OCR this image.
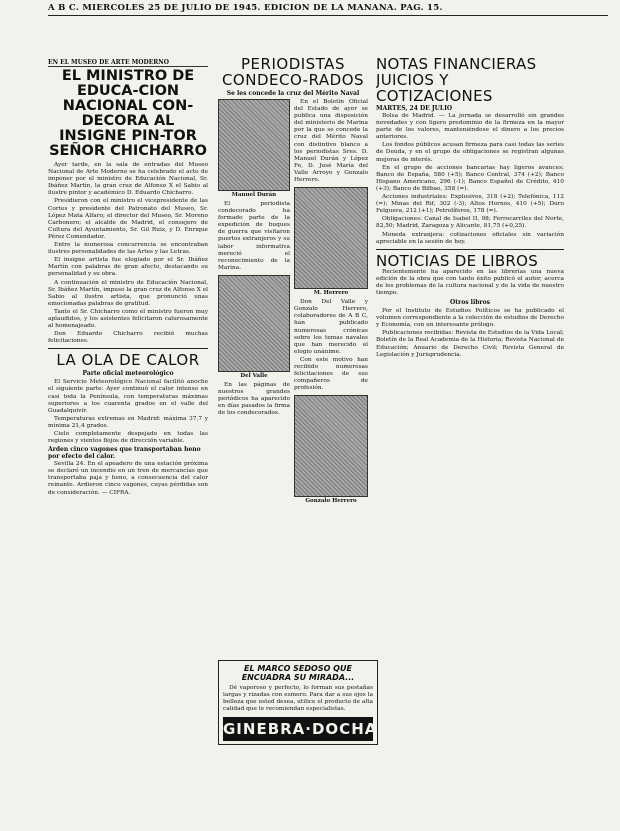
A B C. MIERCOLES 25 DE JULIO DE 1945. EDICION DE LA MAÑANA. PAG. 15.
EN EL MUSEO DE ARTE MODERNO
EL MINISTRO DE EDUCA-CION NACIONAL CON-DECORA AL INSIGNE PIN-TOR SEÑOR CHICHARRO

Ayer tarde, en la sala de entradas del Museo Nacional de Arte Moderno se ha celebrado el acto de imponer por el ministro de Educación Nacional, Sr. Ibáñez Martín, la gran cruz de Alfonso X el Sabio al ilustre pintor y académico D. Eduardo Chicharro.

Presidieron con el ministro el vicepresidente de las Cortes y presidente del Patronato del Museo, Sr. López Mata Alfaro; el director del Museo, Sr. Moreno Carbonero; el alcalde de Madrid, el consejero de Cultura del Ayuntamiento, Sr. Gil Ruiz, y D. Enrique Pérez Comendador.

Entre la numerosa concurrencia se encontraban ilustres personalidades de las Artes y las Letras.

El insigne artista fue elogiado por el Sr. Ibáñez Martín con palabras de gran afecto, destacando su personalidad y su obra.

A continuación el ministro de Educación Nacional, Sr. Ibáñez Martín, impuso la gran cruz de Alfonso X el Sabio al ilustre artista, que pronunció unas emocionadas palabras de gratitud.

Tanto el Sr. Chicharro como el ministro fueron muy aplaudidos, y los asistentes felicitaron calurosamente al homenajeado.

Don Eduardo Chicharro recibió muchas felicitaciones.

LA OLA DE CALOR
Parte oficial meteorológico

El Servicio Meteorológico Nacional facilitó anoche el siguiente parte: Ayer continuó el calor intenso en casi toda la Península, con temperaturas máximas superiores a los cuarenta grados en el valle del Guadalquivir.

Temperaturas extremas en Madrid: máxima 37,7 y mínima 21,4 grados.

Cielo completamente despejado en todas las regiones y vientos flojos de dirección variable.

Arden cinco vagones que transportaban heno por efecto del calor.

Sevilla 24. En el apeadero de una estación próxima se declaró un incendio en un tren de mercancías que transportaba paja y heno, a consecuencia del calor reinante. Ardieron cinco vagones, cuyas pérdidas son de consideración. — CIFRA.

PERIODISTAS CONDECO-RADOS
Se les concede la cruz del Mérito Naval
Manuel Durán

El periodista condecorado ha formado parte de la expedición de buques de guerra que visitaron puertos extranjeros y su labor informativa mereció el reconocimiento de la Marina.

Del Valle

En las páginas de nuestros grandes periódicos ha aparecido en días pasados la firma de los condecorados.

En el Boletín Oficial del Estado de ayer se publica una disposición del ministerio de Marina por la que se concede la cruz del Mérito Naval con distintivo blanco a los periodistas Sres. D. Manuel Durán y López Fe, D. José María del Valle Arroyo y Gonzalo Herrero.

M. Herrero

Don Del Valle y Gonzalo Herrero, colaboradores de A B C, han publicado numerosas crónicas sobre los temas navales que han merecido el elogio unánime.

Con este motivo han recibido numerosas felicitaciones de sus compañeros de profesión.

Gonzalo Herrero
EL MARCO SEDOSO QUE ENCUADRA SU MIRADA...

Dé vaporoso y perfecto, lo forman sus pestañas largas y rizadas con esmero. Para dar a sus ojos la belleza que usted desea, utilice el producto de alta calidad que le recomiendan especialistas.

GINEBRA·DOCHA
NOTAS FINANCIERAS JUICIOS Y COTIZACIONES
MARTES, 24 DE JULIO

Bolsa de Madrid. — La jornada se desarrolló sin grandes novedades y con ligero predominio de la firmeza en la mayor parte de los valores, manteniéndose el dinero a los precios anteriores.

Los fondos públicos acusan firmeza para casi todas las series de Deuda, y en el grupo de obligaciones se registran algunas mejoras de interés.

En el grupo de acciones bancarias hay ligeros avances; Banco de España, 580 (+5); Banco Central, 374 (+2); Banco Hispano Americano, 296 (-1); Banco Español de Crédito, 410 (+3); Banco de Bilbao, 358 (=).

Acciones industriales: Explosivos, 318 (+2); Telefónica, 112 (=); Minas del Rif, 302 (-3); Altos Hornos, 410 (+5); Duro Felguera, 212 (+1); Petrolíferos, 178 (=).

Obligaciones: Canal de Isabel II, 98; Ferrocarriles del Norte, 82,50; Madrid, Zaragoza y Alicante, 81,75 (+0,25).

Moneda extranjera: cotizaciones oficiales sin variación apreciable en la sesión de hoy.

NOTICIAS DE LIBROS

Recientemente ha aparecido en las librerías una nueva edición de la obra que con tanto éxito publicó el autor, acerca de los problemas de la cultura nacional y de la vida de nuestro tiempo.

Otros libros

Por el Instituto de Estudios Políticos se ha publicado el volumen correspondiente a la colección de estudios de Derecho y Economía, con un interesante prólogo.

Publicaciones recibidas: Revista de Estudios de la Vida Local; Boletín de la Real Academia de la Historia; Revista Nacional de Educación; Anuario de Derecho Civil; Revista General de Legislación y Jurisprudencia.
